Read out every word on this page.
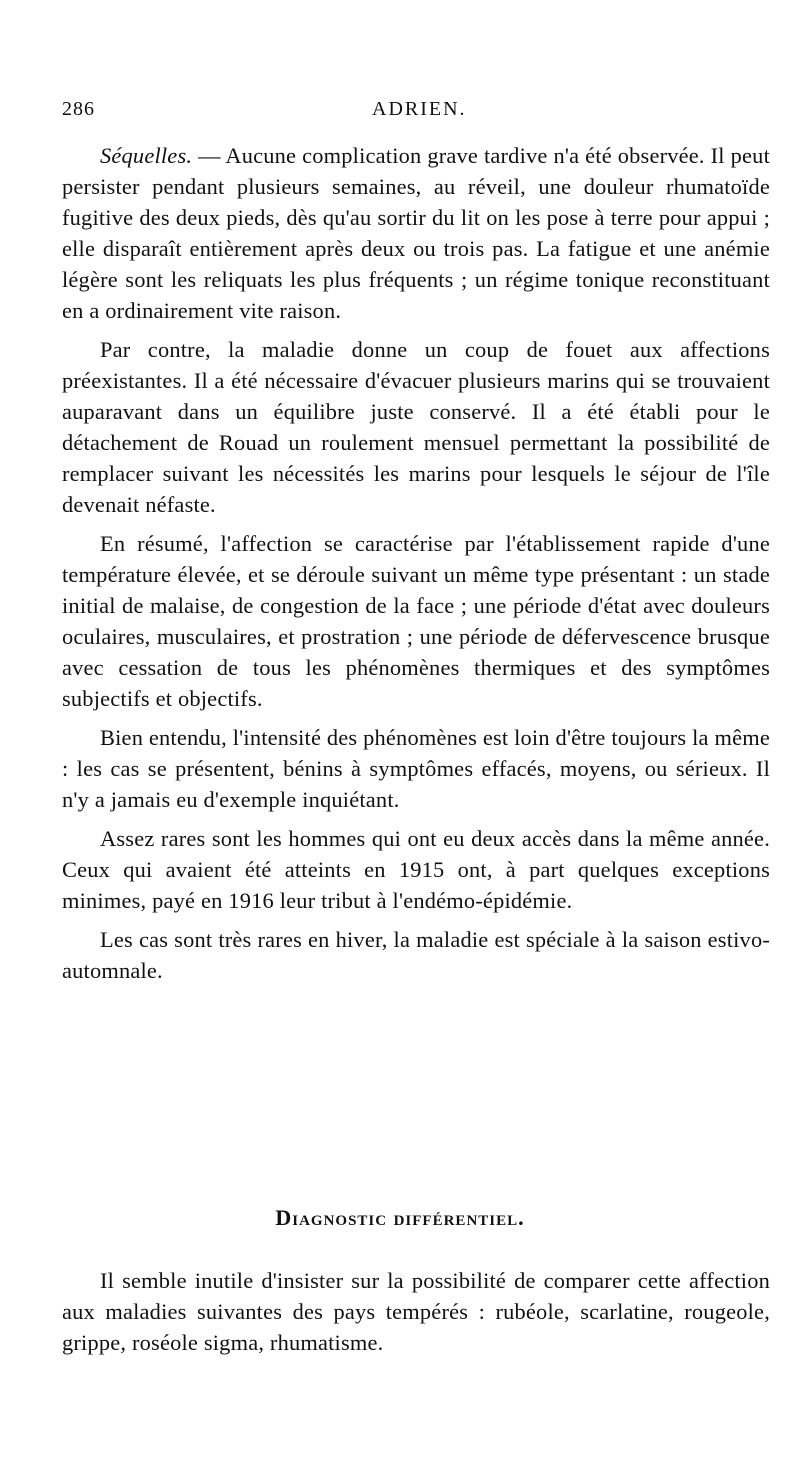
286	ADRIEN.

Séquelles. — Aucune complication grave tardive n'a été observée. Il peut persister pendant plusieurs semaines, au réveil, une douleur rhumatoïde fugitive des deux pieds, dès qu'au sortir du lit on les pose à terre pour appui ; elle disparaît entièrement après deux ou trois pas. La fatigue et une anémie légère sont les reliquats les plus fréquents ; un régime tonique reconstituant en a ordinairement vite raison.

Par contre, la maladie donne un coup de fouet aux affections préexistantes. Il a été nécessaire d'évacuer plusieurs marins qui se trouvaient auparavant dans un équilibre juste conservé. Il a été établi pour le détachement de Rouad un roulement mensuel permettant la possibilité de remplacer suivant les nécessités les marins pour lesquels le séjour de l'île devenait néfaste.

En résumé, l'affection se caractérise par l'établissement rapide d'une température élevée, et se déroule suivant un même type présentant : un stade initial de malaise, de congestion de la face ; une période d'état avec douleurs oculaires, musculaires, et prostration ; une période de défervescence brusque avec cessation de tous les phénomènes thermiques et des symptômes subjectifs et objectifs.

Bien entendu, l'intensité des phénomènes est loin d'être toujours la même : les cas se présentent, bénins à symptômes effacés, moyens, ou sérieux. Il n'y a jamais eu d'exemple inquiétant.

Assez rares sont les hommes qui ont eu deux accès dans la même année. Ceux qui avaient été atteints en 1915 ont, à part quelques exceptions minimes, payé en 1916 leur tribut à l'endémo-épidémie.

Les cas sont très rares en hiver, la maladie est spéciale à la saison estivo-automnale.

Diagnostic différentiel.

Il semble inutile d'insister sur la possibilité de comparer cette affection aux maladies suivantes des pays tempérés : rubéole, scarlatine, rougeole, grippe, roséole sigma, rhumatisme.
